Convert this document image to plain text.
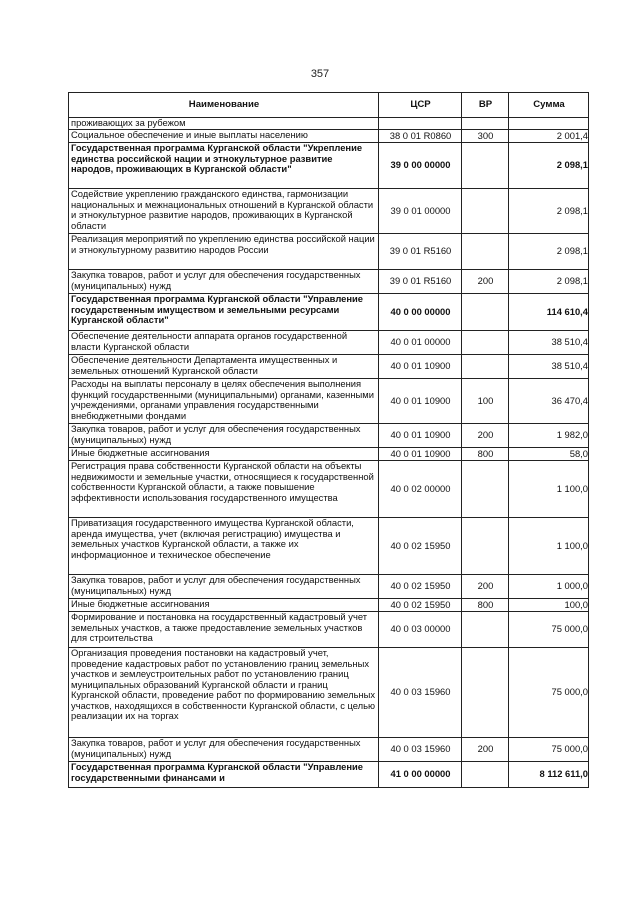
357
Наименование	ЦСР	ВР	Сумма
проживающих за рубежом			
Социальное обеспечение и иные выплаты населению	38 0 01 R0860	300	2 001,4
Государственная программа Курганской области "Укрепление единства российской нации и этнокультурное развитие народов, проживающих в Курганской области"	39 0 00 00000		2 098,1
Содействие укреплению гражданского единства, гармонизации национальных и межнациональных отношений в Курганской области и этнокультурное развитие народов, проживающих в Курганской области	39 0 01 00000		2 098,1
Реализация мероприятий по укреплению единства российской нации и этнокультурному развитию народов России	39 0 01 R5160		2 098,1
Закупка товаров, работ и услуг для обеспечения государственных (муниципальных) нужд	39 0 01 R5160	200	2 098,1
Государственная программа Курганской области "Управление государственным имуществом и земельными ресурсами Курганской области"	40 0 00 00000		114 610,4
Обеспечение деятельности аппарата органов государственной власти Курганской области	40 0 01 00000		38 510,4
Обеспечение деятельности Департамента имущественных и земельных отношений Курганской области	40 0 01 10900		38 510,4
Расходы на выплаты персоналу в целях обеспечения выполнения функций государственными (муниципальными) органами, казенными учреждениями, органами управления государственными внебюджетными фондами	40 0 01 10900	100	36 470,4
Закупка товаров, работ и услуг для обеспечения государственных (муниципальных) нужд	40 0 01 10900	200	1 982,0
Иные бюджетные ассигнования	40 0 01 10900	800	58,0
Регистрация права собственности Курганской области на объекты недвижимости и земельные участки, относящиеся к государственной собственности Курганской области, а также повышение эффективности использования государственного имущества	40 0 02 00000		1 100,0
Приватизация государственного имущества Курганской области, аренда имущества, учет (включая регистрацию) имущества и земельных участков Курганской области, а также их информационное и техническое обеспечение	40 0 02 15950		1 100,0
Закупка товаров, работ и услуг для обеспечения государственных (муниципальных) нужд	40 0 02 15950	200	1 000,0
Иные бюджетные ассигнования	40 0 02 15950	800	100,0
Формирование и постановка на государственный кадастровый учет земельных участков, а также предоставление земельных участков для строительства	40 0 03 00000		75 000,0
Организация проведения постановки на кадастровый учет, проведение кадастровых работ по установлению границ земельных участков и землеустроительных работ по установлению границ муниципальных образований Курганской области и границ Курганской области, проведение работ по формированию земельных участков, находящихся в собственности Курганской области, с целью реализации их на торгах	40 0 03 15960		75 000,0
Закупка товаров, работ и услуг для обеспечения государственных (муниципальных) нужд	40 0 03 15960	200	75 000,0
Государственная программа Курганской области "Управление государственными финансами и	41 0 00 00000		8 112 611,0
